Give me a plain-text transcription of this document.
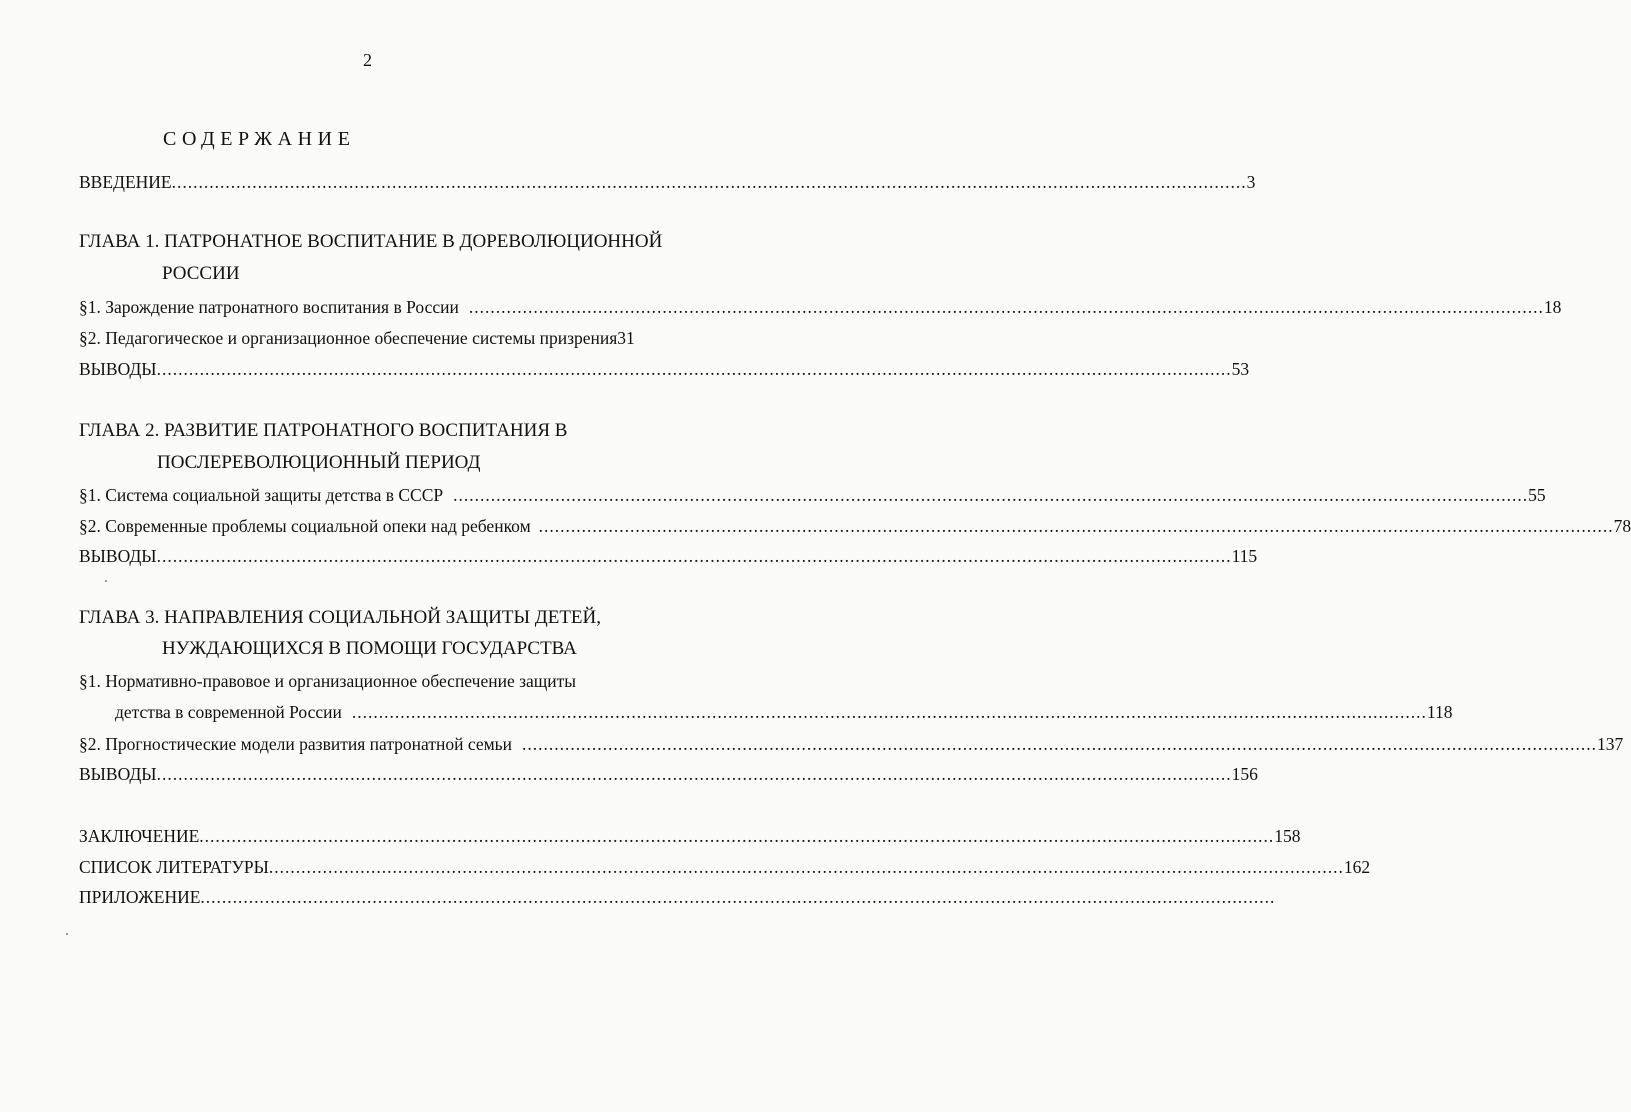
2
СОДЕРЖАНИЕ
ВВЕДЕНИЕ ........................................................................................................................................................................................................ 3
ГЛАВА 1. ПАТРОНАТНОЕ ВОСПИТАНИЕ В ДОРЕВОЛЮЦИОННОЙ
РОССИИ
§1. Зарождение патронатного воспитания в России ........................................................................................................................................................................................................ 18
§2. Педагогическое и организационное обеспечение системы призрения 31
ВЫВОДЫ ........................................................................................................................................................................................................ 53
ГЛАВА 2. РАЗВИТИЕ ПАТРОНАТНОГО ВОСПИТАНИЯ В
ПОСЛЕРЕВОЛЮЦИОННЫЙ ПЕРИОД
§1. Система социальной защиты детства в СССР ........................................................................................................................................................................................................ 55
§2. Современные проблемы социальной опеки над ребенком ........................................................................................................................................................................................................ 78
ВЫВОДЫ ........................................................................................................................................................................................................ 115
ГЛАВА 3. НАПРАВЛЕНИЯ СОЦИАЛЬНОЙ ЗАЩИТЫ ДЕТЕЙ,
НУЖДАЮЩИХСЯ В ПОМОЩИ ГОСУДАРСТВА
§1. Нормативно-правовое и организационное обеспечение защиты
детства в современной России ........................................................................................................................................................................................................ 118
§2. Прогностические модели развития патронатной семьи ........................................................................................................................................................................................................ 137
ВЫВОДЫ ........................................................................................................................................................................................................ 156
ЗАКЛЮЧЕНИЕ ........................................................................................................................................................................................................ 158
СПИСОК ЛИТЕРАТУРЫ ........................................................................................................................................................................................................ 162
ПРИЛОЖЕНИЕ ........................................................................................................................................................................................................
